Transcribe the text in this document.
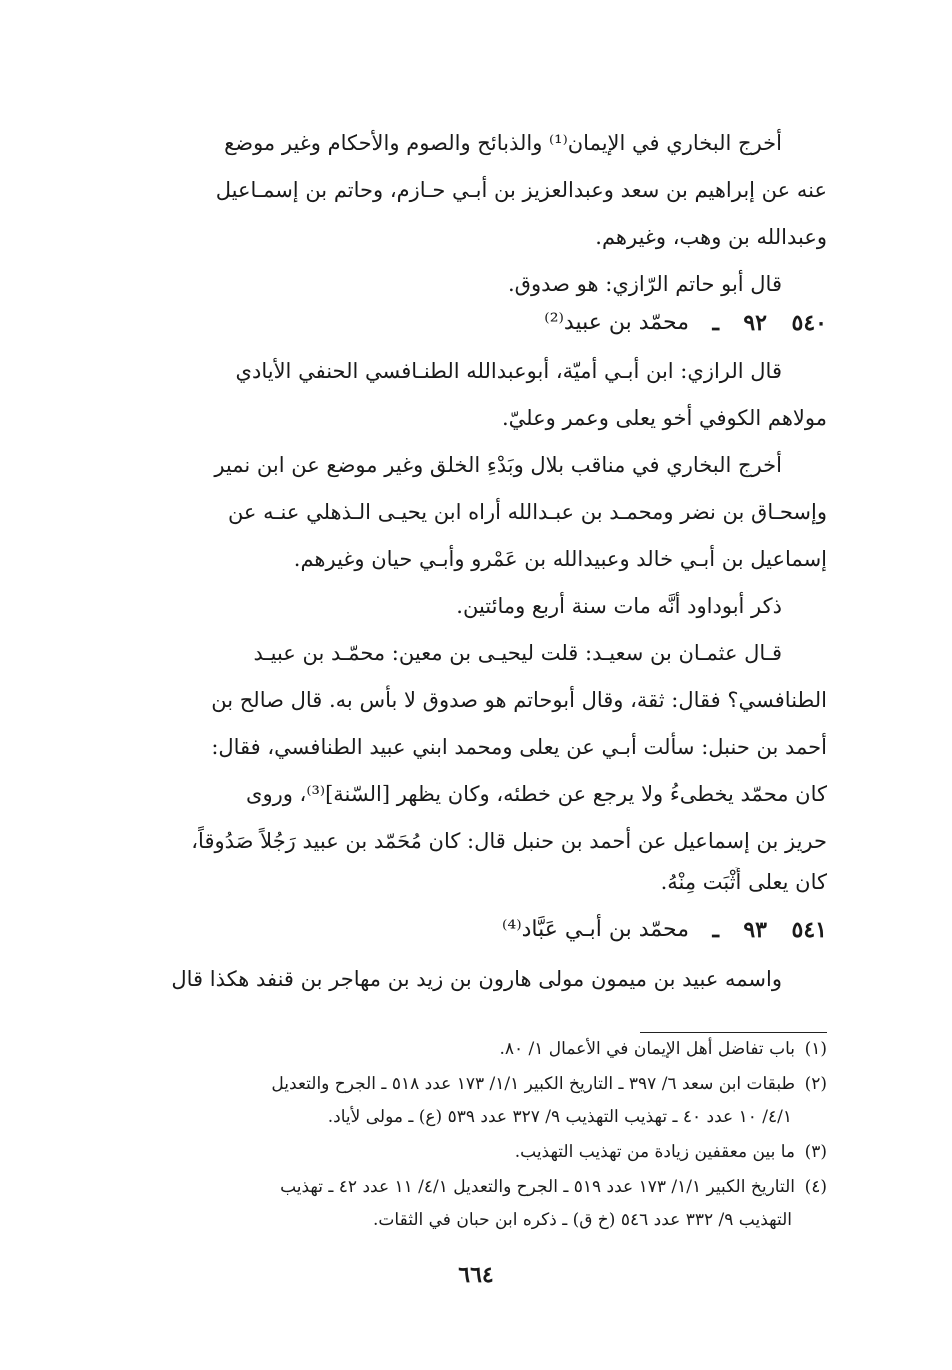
أخرج البخاري في الإيمان⁽¹⁾ والذبائح والصوم والأحكام وغير موضع
عنه عن إبراهيم بن سعد وعبدالعزيز بن أبـي حـازم، وحاتم بن إسمـاعيل
وعبدالله بن وهب، وغيرهم.
قال أبو حاتم الرّازي: هو صدوق.
٥٤٠
٩٢
ـ
محمّد بن عبيد⁽²⁾
قال الرازي: ابن أبـي أميّة، أبوعبدالله الطنـافسي الحنفي الأيادي
مولاهم الكوفي أخو يعلى وعمر وعليّ.
أخرج البخاري في مناقب بلال وبَدْءِ الخلق وغير موضع عن ابن نمير
وإسحـاق بن نضر ومحمـد بن عبـدالله أراه ابن يحيـى الـذهلي عنـه عن
إسماعيل بن أبـي خالد وعبيدالله بن عَمْرو وأبـي حيان وغيرهم.
ذكر أبوداود أنَّه مات سنة أربع ومائتين.
قـال عثمـان بن سعيـد: قلت ليحيـى بن معين: محمّـد بن عبيـد
الطنافسي؟ فقال: ثقة، وقال أبوحاتم هو صدوق لا بأس به. قال صالح بن
أحمد بن حنبل: سألت أبـي عن يعلى ومحمد ابني عبيد الطنافسي، فقال:
كان محمّد يخطىءُ ولا يرجع عن خطئه، وكان يظهر [السّنة]⁽³⁾، وروى
حريز بن إسماعيل عن أحمد بن حنبل قال: كان مُحَمّد بن عبيد رَجُلاً صَدُوقاً،
كان يعلى أَثْبَت مِنْهُ.
٥٤١
٩٣
ـ
محمّد بن أبـي عَبَّاد⁽⁴⁾
واسمه عبيد بن ميمون مولى هارون بن زيد بن مهاجر بن قنفد هكذا قال
(١)
باب تفاضل أهل الإيمان في الأعمال ١/ ٨٠.
(٢)
طبقات ابن سعد ٦/ ٣٩٧ ـ التاريخ الكبير ١/١/ ١٧٣ عدد ٥١٨ ـ الجرح والتعديل
٤/١/ ١٠ عدد ٤٠ ـ تهذيب التهذيب ٩/ ٣٢٧ عدد ٥٣٩ (ع) ـ مولى لأياد.
(٣)
ما بين معقفين زيادة من تهذيب التهذيب.
(٤)
التاريخ الكبير ١/١/ ١٧٣ عدد ٥١٩ ـ الجرح والتعديل ٤/١/ ١١ عدد ٤٢ ـ تهذيب
التهذيب ٩/ ٣٣٢ عدد ٥٤٦ (خ ق) ـ ذكره ابن حبان في الثقات.
٦٦٤
